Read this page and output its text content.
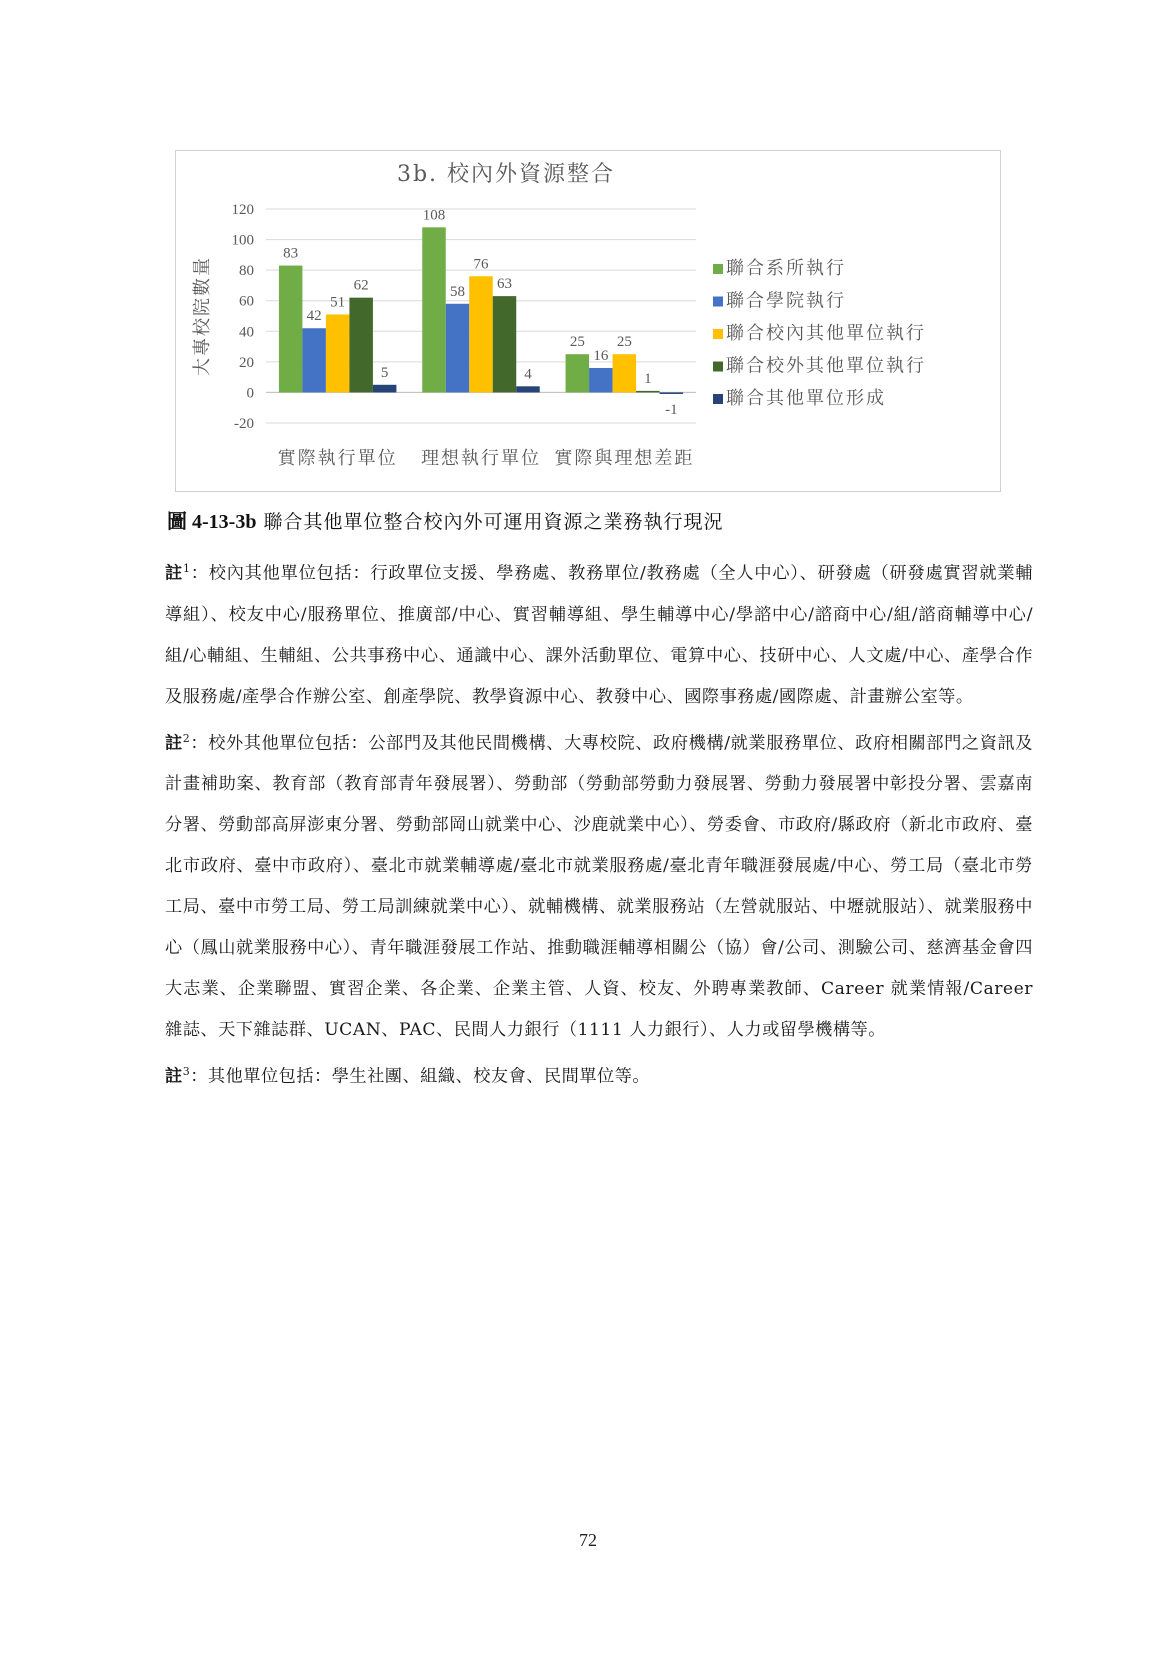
3b. 校內外資源整合
120
100
80
60
40
20
0
-20
大專校院數量
83
42
51
62
5
實際執行單位
108
58
76
63
4
理想執行單位
25
16
25
1
-1
實際與理想差距
聯合系所執行
聯合學院執行
聯合校內其他單位執行
聯合校外其他單位執行
聯合其他單位形成
圖 4-13-3b 聯合其他單位整合校內外可運用資源之業務執行現況

註$^1$：校內其他單位包括：行政單位支援、學務處、教務單位/教務處（全人中心）、研發處（研發處實習就業輔導組）、校友中心/服務單位、推廣部/中心、實習輔導組、學生輔導中心/學諮中心/諮商中心/組/諮商輔導中心/組/心輔組、生輔組、公共事務中心、通識中心、課外活動單位、電算中心、技研中心、人文處/中心、產學合作及服務處/產學合作辦公室、創產學院、教學資源中心、教發中心、國際事務處/國際處、計畫辦公室等。

註$^2$：校外其他單位包括：公部門及其他民間機構、大專校院、政府機構/就業服務單位、政府相關部門之資訊及計畫補助案、教育部（教育部青年發展署）、勞動部（勞動部勞動力發展署、勞動力發展署中彰投分署、雲嘉南分署、勞動部高屏澎東分署、勞動部岡山就業中心、沙鹿就業中心）、勞委會、市政府/縣政府（新北市政府、臺北市政府、臺中市政府）、臺北市就業輔導處/臺北市就業服務處/臺北青年職涯發展處/中心、勞工局（臺北市勞工局、臺中市勞工局、勞工局訓練就業中心）、就輔機構、就業服務站（左營就服站、中壢就服站）、就業服務中心（鳳山就業服務中心）、青年職涯發展工作站、推動職涯輔導相關公（協）會/公司、測驗公司、慈濟基金會四大志業、企業聯盟、實習企業、各企業、企業主管、人資、校友、外聘專業教師、Career 就業情報/Career 雜誌、天下雜誌群、UCAN、PAC、民間人力銀行（1111 人力銀行）、人力或留學機構等。

註$^3$：其他單位包括：學生社團、組織、校友會、民間單位等。

72
